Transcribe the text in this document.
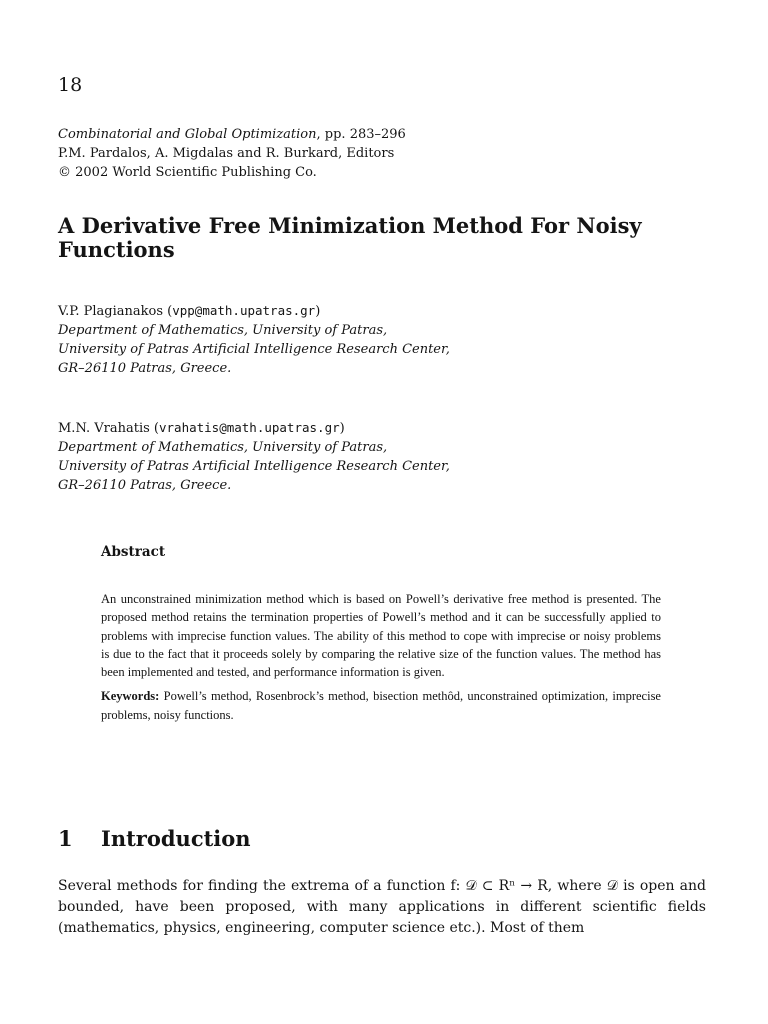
18
Combinatorial and Global Optimization, pp. 283–296
P.M. Pardalos, A. Migdalas and R. Burkard, Editors
© 2002 World Scientific Publishing Co.
A Derivative Free Minimization Method For Noisy Functions
V.P. Plagianakos (vpp@math.upatras.gr)
Department of Mathematics, University of Patras,
University of Patras Artificial Intelligence Research Center,
GR–26110 Patras, Greece.
M.N. Vrahatis (vrahatis@math.upatras.gr)
Department of Mathematics, University of Patras,
University of Patras Artificial Intelligence Research Center,
GR–26110 Patras, Greece.
Abstract

An unconstrained minimization method which is based on Powell’s derivative free method is presented. The proposed method retains the termination properties of Powell’s method and it can be successfully applied to problems with imprecise function values. The ability of this method to cope with imprecise or noisy problems is due to the fact that it proceeds solely by comparing the relative size of the function values. The method has been implemented and tested, and performance information is given.

Keywords: Powell’s method, Rosenbrock’s method, bisection methôd, unconstrained optimization, imprecise problems, noisy functions.

1 Introduction

Several methods for finding the extrema of a function f: 𝒟 ⊂ Rⁿ → R, where 𝒟 is open and bounded, have been proposed, with many applications in different scientific fields (mathematics, physics, engineering, computer science etc.). Most of them
